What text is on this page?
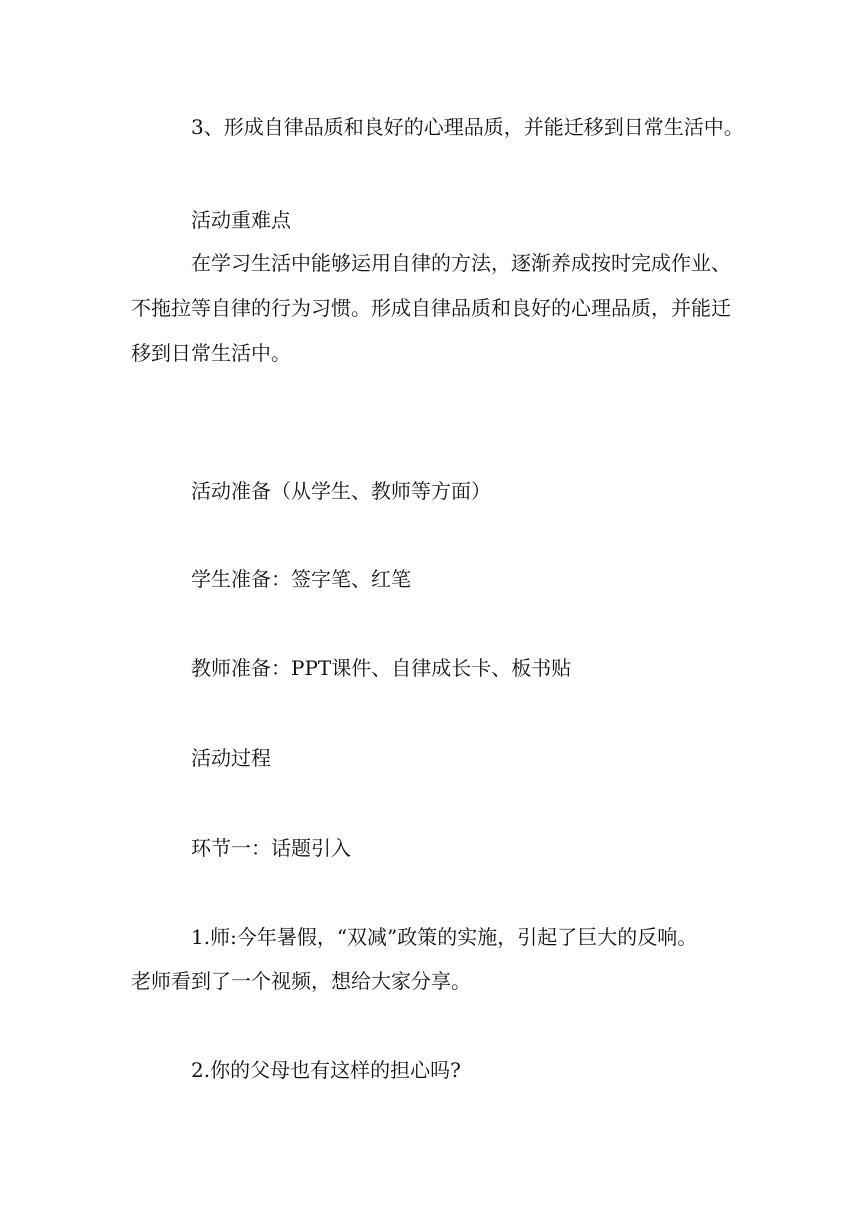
3、形成自律品质和良好的心理品质，并能迁移到日常生活中。
活动重难点
在学习生活中能够运用自律的方法，逐渐养成按时完成作业、
不拖拉等自律的行为习惯。形成自律品质和良好的心理品质，并能迁
移到日常生活中。
活动准备（从学生、教师等方面）
学生准备：签字笔、红笔
教师准备：PPT课件、自律成长卡、板书贴
活动过程
环节一：话题引入
1.师:今年暑假，“双减”政策的实施，引起了巨大的反响。
老师看到了一个视频，想给大家分享。
2.你的父母也有这样的担心吗?
